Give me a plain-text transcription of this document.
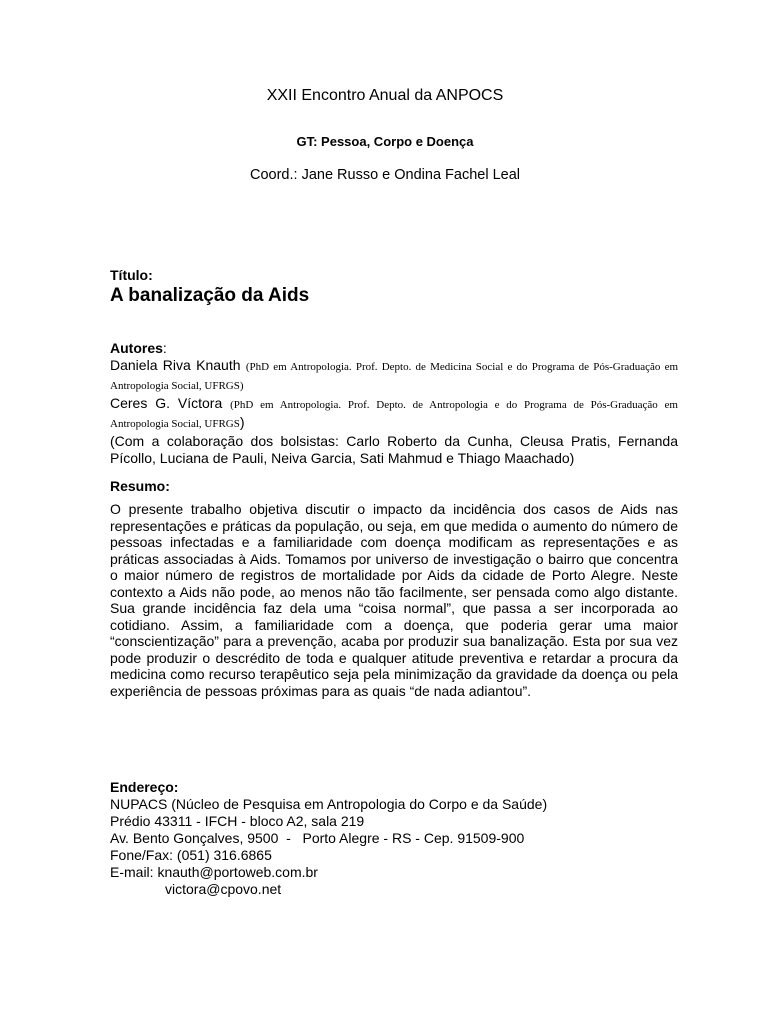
XXII Encontro Anual da ANPOCS
GT: Pessoa, Corpo e Doença
Coord.: Jane Russo e Ondina Fachel Leal
Título:
A banalização da Aids
Autores:
Daniela Riva Knauth (PhD em Antropologia. Prof. Depto. de Medicina Social e do Programa de Pós-Graduação em Antropologia Social, UFRGS)
Ceres G. Víctora (PhD em Antropologia. Prof. Depto. de Antropologia e do Programa de Pós-Graduação em Antropologia Social, UFRGS)
(Com a colaboração dos bolsistas: Carlo Roberto da Cunha, Cleusa Pratis, Fernanda Pícollo, Luciana de Pauli, Neiva Garcia, Sati Mahmud e Thiago Maachado)
Resumo:
O presente trabalho objetiva discutir o impacto da incidência dos casos de Aids nas representações e práticas da população, ou seja, em que medida o aumento do número de pessoas infectadas e a familiaridade com doença modificam as representações e as práticas associadas à Aids. Tomamos por universo de investigação o bairro que concentra o maior número de registros de mortalidade por Aids da cidade de Porto Alegre. Neste contexto a Aids não pode, ao menos não tão facilmente, ser pensada como algo distante. Sua grande incidência faz dela uma “coisa normal”, que passa a ser incorporada ao cotidiano. Assim, a familiaridade com a doença, que poderia gerar uma maior “conscientização” para a prevenção, acaba por produzir sua banalização. Esta por sua vez pode produzir o descrédito de toda e qualquer atitude preventiva e retardar a procura da medicina como recurso terapêutico seja pela minimização da gravidade da doença ou pela experiência de pessoas próximas para as quais “de nada adiantou”.
Endereço:
NUPACS (Núcleo de Pesquisa em Antropologia do Corpo e da Saúde)
Prédio 43311 - IFCH - bloco A2, sala 219
Av. Bento Gonçalves, 9500  -   Porto Alegre - RS - Cep. 91509-900
Fone/Fax: (051) 316.6865
E-mail: knauth@portoweb.com.br
victora@cpovo.net
